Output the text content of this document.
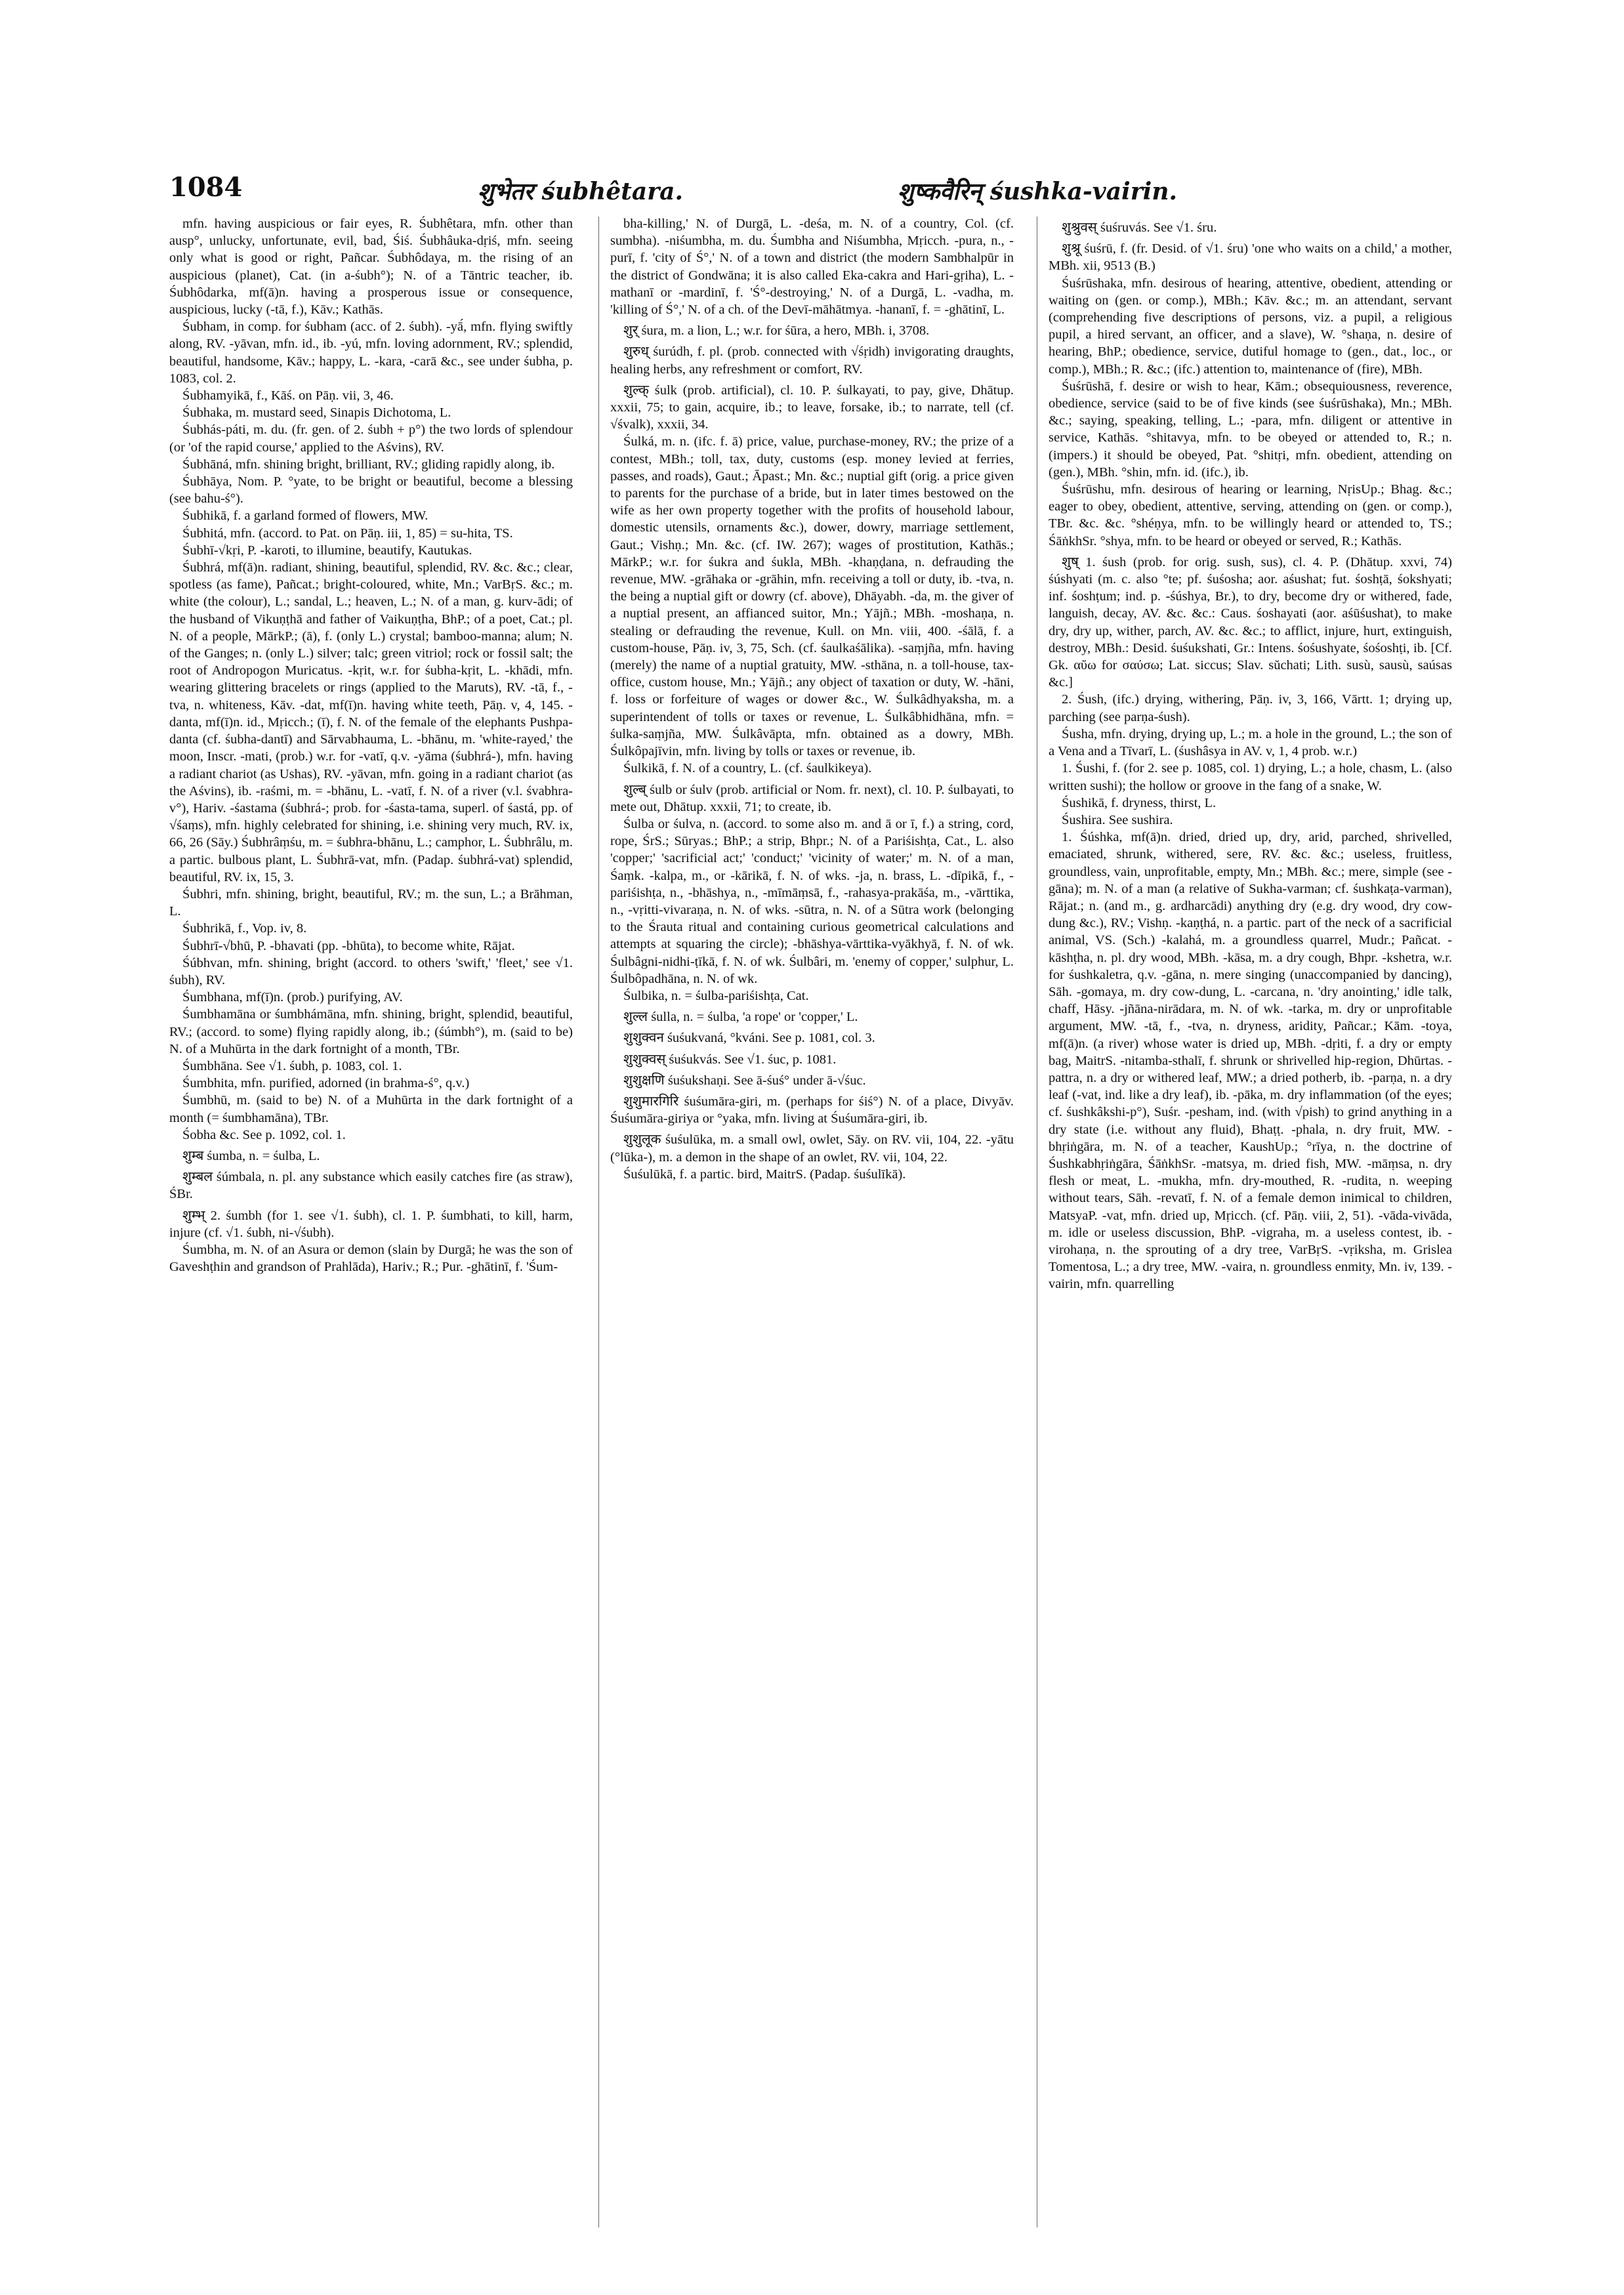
1084	शुभेतर śubhêtara.	शुष्कवैरिन् śushka-vairin.

mfn. having auspicious or fair eyes, R. Śubhêtara, mfn. other than ausp°, unlucky, unfortunate, evil, bad, Śiś. Śubhâuka-dṛiś, mfn. seeing only what is good or right, Pañcar. Śubhôdaya, m. the rising of an auspicious (planet), Cat. (in a-śubh°); N. of a Tāntric teacher, ib. Śubhôdarka, mf(ā)n. having a prosperous issue or consequence, auspicious, lucky (-tā, f.), Kāv.; Kathās.

Śubham, in comp. for śubham (acc. of 2. śubh). -yā́, mfn. flying swiftly along, RV. -yāvan, mfn. id., ib. -yú, mfn. loving adornment, RV.; splendid, beautiful, handsome, Kāv.; happy, L. -kara, -carā &c., see under śubha, p. 1083, col. 2.

Śubhamyikā, f., Kāś. on Pāṇ. vii, 3, 46.

Śubhaka, m. mustard seed, Sinapis Dichotoma, L.

Śubhás-páti, m. du. (fr. gen. of 2. śubh + p°) the two lords of splendour (or 'of the rapid course,' applied to the Aśvins), RV.

Śubhāná, mfn. shining bright, brilliant, RV.; gliding rapidly along, ib.

Śubhāya, Nom. P. °yate, to be bright or beautiful, become a blessing (see bahu-ś°).

Śubhikā, f. a garland formed of flowers, MW.

Śubhitá, mfn. (accord. to Pat. on Pāṇ. iii, 1, 85) = su-hita, TS.

Śubhī-√kṛi, P. -karoti, to illumine, beautify, Kautukas.

Śubhrá, mf(ā)n. radiant, shining, beautiful, splendid, RV. &c. &c.; clear, spotless (as fame), Pañcat.; bright-coloured, white, Mn.; VarBṛS. &c.; m. white (the colour), L.; sandal, L.; heaven, L.; N. of a man, g. kurv-ādi; of the husband of Vikuṇṭhā and father of Vaikuṇṭha, BhP.; of a poet, Cat.; pl. N. of a people, MārkP.; (ā), f. (only L.) crystal; bamboo-manna; alum; N. of the Ganges; n. (only L.) silver; talc; green vitriol; rock or fossil salt; the root of Andropogon Muricatus. -kṛit, w.r. for śubha-kṛit, L. -khādi, mfn. wearing glittering bracelets or rings (applied to the Maruts), RV. -tā, f., -tva, n. whiteness, Kāv. -dat, mf(ī)n. having white teeth, Pāṇ. v, 4, 145. -danta, mf(ī)n. id., Mṛicch.; (ī), f. N. of the female of the elephants Pushpa-danta (cf. śubha-dantī) and Sārvabhauma, L. -bhānu, m. 'white-rayed,' the moon, Inscr. -mati, (prob.) w.r. for -vatī, q.v. -yāma (śubhrá-), mfn. having a radiant chariot (as Ushas), RV. -yāvan, mfn. going in a radiant chariot (as the Aśvins), ib. -raśmi, m. = -bhānu, L. -vatī, f. N. of a river (v.l. śvabhra-v°), Hariv. -śastama (śubhrá-; prob. for -śasta-tama, superl. of śastá, pp. of √śaṃs), mfn. highly celebrated for shining, i.e. shining very much, RV. ix, 66, 26 (Sāy.) Śubhrâṃśu, m. = śubhra-bhānu, L.; camphor, L. Śubhrâlu, m. a partic. bulbous plant, L. Śubhrā-vat, mfn. (Padap. śubhrá-vat) splendid, beautiful, RV. ix, 15, 3.

Śubhri, mfn. shining, bright, beautiful, RV.; m. the sun, L.; a Brāhman, L.

Śubhrikā, f., Vop. iv, 8.

Śubhrī-√bhū, P. -bhavati (pp. -bhūta), to become white, Rājat.

Śúbhvan, mfn. shining, bright (accord. to others 'swift,' 'fleet,' see √1. śubh), RV.

Śumbhana, mf(ī)n. (prob.) purifying, AV.

Śumbhamāna or śumbhámāna, mfn. shining, bright, splendid, beautiful, RV.; (accord. to some) flying rapidly along, ib.; (śúmbh°), m. (said to be) N. of a Muhūrta in the dark fortnight of a month, TBr.

Śumbhāna. See √1. śubh, p. 1083, col. 1.

Śumbhita, mfn. purified, adorned (in brahma-ś°, q.v.)

Śumbhū, m. (said to be) N. of a Muhūrta in the dark fortnight of a month (= śumbhamāna), TBr.

Śobha &c. See p. 1092, col. 1.

शुम्ब śumba, n. = śulba, L.

शुम्बल śúmbala, n. pl. any substance which easily catches fire (as straw), ŚBr.

शुम्भ् 2. śumbh (for 1. see √1. śubh), cl. 1. P. śumbhati, to kill, harm, injure (cf. √1. śubh, ni-√śubh).

Śumbha, m. N. of an Asura or demon (slain by Durgā; he was the son of Gaveshṭhin and grandson of Prahlāda), Hariv.; R.; Pur. -ghātinī, f. 'Śum-

bha-killing,' N. of Durgā, L. -deśa, m. N. of a country, Col. (cf. sumbha). -niśumbha, m. du. Śumbha and Niśumbha, Mṛicch. -pura, n., -purī, f. 'city of Ś°,' N. of a town and district (the modern Sambhalpūr in the district of Gondwāna; it is also called Eka-cakra and Hari-gṛiha), L. -mathanī or -mardinī, f. 'Ś°-destroying,' N. of a Durgā, L. -vadha, m. 'killing of Ś°,' N. of a ch. of the Devī-māhātmya. -hananī, f. = -ghātinī, L.

शुर् śura, m. a lion, L.; w.r. for śūra, a hero, MBh. i, 3708.

शुरुध् śurúdh, f. pl. (prob. connected with √śṛidh) invigorating draughts, healing herbs, any refreshment or comfort, RV.

शुल्क् śulk (prob. artificial), cl. 10. P. śulkayati, to pay, give, Dhātup. xxxii, 75; to gain, acquire, ib.; to leave, forsake, ib.; to narrate, tell (cf. √śvalk), xxxii, 34.

Śulká, m. n. (ifc. f. ā) price, value, purchase-money, RV.; the prize of a contest, MBh.; toll, tax, duty, customs (esp. money levied at ferries, passes, and roads), Gaut.; Āpast.; Mn. &c.; nuptial gift (orig. a price given to parents for the purchase of a bride, but in later times bestowed on the wife as her own property together with the profits of household labour, domestic utensils, ornaments &c.), dower, dowry, marriage settlement, Gaut.; Vishṇ.; Mn. &c. (cf. IW. 267); wages of prostitution, Kathās.; MārkP.; w.r. for śukra and śukla, MBh. -khaṇḍana, n. defrauding the revenue, MW. -grāhaka or -grāhin, mfn. receiving a toll or duty, ib. -tva, n. the being a nuptial gift or dowry (cf. above), Dhāyabh. -da, m. the giver of a nuptial present, an affianced suitor, Mn.; Yājñ.; MBh. -moshaṇa, n. stealing or defrauding the revenue, Kull. on Mn. viii, 400. -śālā, f. a custom-house, Pāṇ. iv, 3, 75, Sch. (cf. śaulkaśālika). -saṃjña, mfn. having (merely) the name of a nuptial gratuity, MW. -sthāna, n. a toll-house, tax-office, custom house, Mn.; Yājñ.; any object of taxation or duty, W. -hāni, f. loss or forfeiture of wages or dower &c., W. Śulkâdhyaksha, m. a superintendent of tolls or taxes or revenue, L. Śulkâbhidhāna, mfn. = śulka-saṃjña, MW. Śulkâvāpta, mfn. obtained as a dowry, MBh. Śulkôpajīvin, mfn. living by tolls or taxes or revenue, ib.

Śulkikā, f. N. of a country, L. (cf. śaulkikeya).

शुल्ब् śulb or śulv (prob. artificial or Nom. fr. next), cl. 10. P. śulbayati, to mete out, Dhātup. xxxii, 71; to create, ib.

Śulba or śulva, n. (accord. to some also m. and ā or ī, f.) a string, cord, rope, ŚrS.; Sūryas.; BhP.; a strip, Bhpr.; N. of a Pariśishṭa, Cat., L. also 'copper;' 'sacrificial act;' 'conduct;' 'vicinity of water;' m. N. of a man, Śaṃk. -kalpa, m., or -kārikā, f. N. of wks. -ja, n. brass, L. -dīpikā, f., -pariśishṭa, n., -bhāshya, n., -mīmāṃsā, f., -rahasya-prakāśa, m., -vārttika, n., -vṛitti-vivaraṇa, n. N. of wks. -sūtra, n. N. of a Sūtra work (belonging to the Śrauta ritual and containing curious geometrical calculations and attempts at squaring the circle); -bhāshya-vārttika-vyākhyā, f. N. of wk. Śulbâgni-nidhi-ṭīkā, f. N. of wk. Śulbâri, m. 'enemy of copper,' sulphur, L. Śulbôpadhāna, n. N. of wk.

Śulbika, n. = śulba-pariśishṭa, Cat.

शुल्ल śulla, n. = śulba, 'a rope' or 'copper,' L.

शुशुक्वन śuśukvaná, °kváni. See p. 1081, col. 3.

शुशुक्वस् śuśukvás. See √1. śuc, p. 1081.

शुशुक्षणि śuśukshaṇi. See ā-śuś° under ā-√śuc.

शुशुमारगिरि śuśumāra-giri, m. (perhaps for śiś°) N. of a place, Divyāv. Śuśumāra-giriya or °yaka, mfn. living at Śuśumāra-giri, ib.

शुशुलूक śuśulūka, m. a small owl, owlet, Sāy. on RV. vii, 104, 22. -yātu (°lūka-), m. a demon in the shape of an owlet, RV. vii, 104, 22.

Śuśulūkā, f. a partic. bird, MaitrS. (Padap. śuśulīkā).

शुश्रुवस् śuśruvás. See √1. śru.

शुश्रू śuśrū, f. (fr. Desid. of √1. śru) 'one who waits on a child,' a mother, MBh. xii, 9513 (B.)

Śuśrūshaka, mfn. desirous of hearing, attentive, obedient, attending or waiting on (gen. or comp.), MBh.; Kāv. &c.; m. an attendant, servant (comprehending five descriptions of persons, viz. a pupil, a religious pupil, a hired servant, an officer, and a slave), W. °shaṇa, n. desire of hearing, BhP.; obedience, service, dutiful homage to (gen., dat., loc., or comp.), MBh.; R. &c.; (ifc.) attention to, maintenance of (fire), MBh.

Śuśrūshā, f. desire or wish to hear, Kām.; obsequiousness, reverence, obedience, service (said to be of five kinds (see śuśrūshaka), Mn.; MBh. &c.; saying, speaking, telling, L.; -para, mfn. diligent or attentive in service, Kathās. °shitavya, mfn. to be obeyed or attended to, R.; n. (impers.) it should be obeyed, Pat. °shitṛi, mfn. obedient, attending on (gen.), MBh. °shin, mfn. id. (ifc.), ib.

Śuśrūshu, mfn. desirous of hearing or learning, NṛisUp.; Bhag. &c.; eager to obey, obedient, attentive, serving, attending on (gen. or comp.), TBr. &c. &c. °shéṇya, mfn. to be willingly heard or attended to, TS.; ŚāṅkhSr. °shya, mfn. to be heard or obeyed or served, R.; Kathās.

शुष् 1. śush (prob. for orig. sush, sus), cl. 4. P. (Dhātup. xxvi, 74) śúshyati (m. c. also °te; pf. śuśosha; aor. aśushat; fut. śoshṭā, śokshyati; inf. śoshṭum; ind. p. -śúshya, Br.), to dry, become dry or withered, fade, languish, decay, AV. &c. &c.: Caus. śoshayati (aor. aśūśushat), to make dry, dry up, wither, parch, AV. &c. &c.; to afflict, injure, hurt, extinguish, destroy, MBh.: Desid. śuśukshati, Gr.: Intens. śośushyate, śośoshṭi, ib. [Cf. Gk. αὔω for σαύσω; Lat. siccus; Slav. sŭchati; Lith. susù, sausù, saúsas &c.]

2. Śush, (ifc.) drying, withering, Pāṇ. iv, 3, 166, Vārtt. 1; drying up, parching (see parṇa-śush).

Śusha, mfn. drying, drying up, L.; m. a hole in the ground, L.; the son of a Vena and a Tīvarī, L. (śushâsya in AV. v, 1, 4 prob. w.r.)

1. Śushi, f. (for 2. see p. 1085, col. 1) drying, L.; a hole, chasm, L. (also written sushi); the hollow or groove in the fang of a snake, W.

Śushikā, f. dryness, thirst, L.

Śushira. See sushira.

1. Śúshka, mf(ā)n. dried, dried up, dry, arid, parched, shrivelled, emaciated, shrunk, withered, sere, RV. &c. &c.; useless, fruitless, groundless, vain, unprofitable, empty, Mn.; MBh. &c.; mere, simple (see -gāna); m. N. of a man (a relative of Sukha-varman; cf. śushkaṭa-varman), Rājat.; n. (and m., g. ardharcādi) anything dry (e.g. dry wood, dry cow-dung &c.), RV.; Vishṇ. -kaṇṭhá, n. a partic. part of the neck of a sacrificial animal, VS. (Sch.) -kalahá, m. a groundless quarrel, Mudr.; Pañcat. -kāshṭha, n. pl. dry wood, MBh. -kāsa, m. a dry cough, Bhpr. -kshetra, w.r. for śushkaletra, q.v. -gāna, n. mere singing (unaccompanied by dancing), Sāh. -gomaya, m. dry cow-dung, L. -carcana, n. 'dry anointing,' idle talk, chaff, Hāsy. -jñāna-nirādara, m. N. of wk. -tarka, m. dry or unprofitable argument, MW. -tā, f., -tva, n. dryness, aridity, Pañcar.; Kām. -toya, mf(ā)n. (a river) whose water is dried up, MBh. -dṛiti, f. a dry or empty bag, MaitrS. -nitamba-sthalī, f. shrunk or shrivelled hip-region, Dhūrtas. -pattra, n. a dry or withered leaf, MW.; a dried potherb, ib. -parṇa, n. a dry leaf (-vat, ind. like a dry leaf), ib. -pāka, m. dry inflammation (of the eyes; cf. śushkâkshi-p°), Suśr. -pesham, ind. (with √pish) to grind anything in a dry state (i.e. without any fluid), Bhaṭṭ. -phala, n. dry fruit, MW. -bhṛiṅgāra, m. N. of a teacher, KaushUp.; °rīya, n. the doctrine of Śushkabhṛiṅgāra, ŚāṅkhSr. -matsya, m. dried fish, MW. -māṃsa, n. dry flesh or meat, L. -mukha, mfn. dry-mouthed, R. -rudita, n. weeping without tears, Sāh. -revatī, f. N. of a female demon inimical to children, MatsyaP. -vat, mfn. dried up, Mṛicch. (cf. Pāṇ. viii, 2, 51). -vāda-vivāda, m. idle or useless discussion, BhP. -vigraha, m. a useless contest, ib. -virohaṇa, n. the sprouting of a dry tree, VarBṛS. -vṛiksha, m. Grislea Tomentosa, L.; a dry tree, MW. -vaira, n. groundless enmity, Mn. iv, 139. -vairin, mfn. quarrelling
